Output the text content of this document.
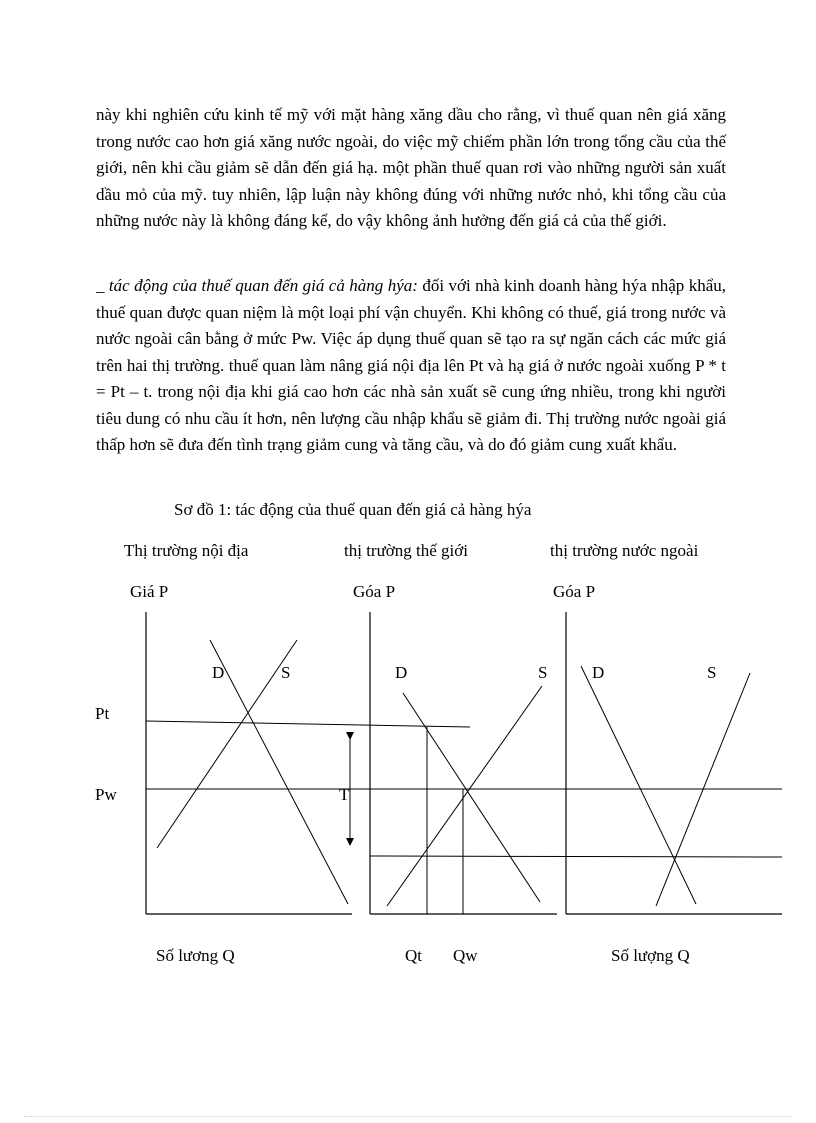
này khi nghiên cứu kinh tế mỹ với mặt hàng xăng dầu cho rằng, vì thuế quan nên giá xăng trong nước cao hơn giá xăng nước ngoài, do việc mỹ chiếm phần lớn trong tổng cầu của thế giới, nên khi cầu giảm sẽ dẫn đến giá hạ. một phần thuế quan rơi vào những người sản xuất dầu mỏ của mỹ. tuy nhiên, lập luận này không đúng với những nước nhỏ, khi tổng cầu của những nước này là không đáng kể, do vậy không ảnh hưởng đến giá cả của thế giới.

_ tác động của thuế quan đến giá cả hàng hýa: đối với nhà kinh doanh hàng hýa nhập khẩu, thuế quan được quan niệm là một loại phí vận chuyển. Khi không có thuế, giá trong nước và nước ngoài cân bằng ở mức Pw. Việc áp dụng thuế quan sẽ tạo ra sự ngăn cách các mức giá trên hai thị trường. thuế quan làm nâng giá nội địa lên Pt và hạ giá ở nước ngoài xuống P * t = Pt – t. trong nội địa khi giá cao hơn các nhà sản xuất sẽ cung ứng nhiều, trong khi người tiêu dung có nhu cầu ít hơn, nên lượng cầu nhập khẩu sẽ giảm đi. Thị trường nước ngoài giá thấp hơn sẽ đưa đến tình trạng giảm cung và tăng cầu, và do đó giảm cung xuất khẩu.

Sơ đồ 1: tác động của thuế quan đến giá cả hàng hýa
Thị trường nội địa	thị trường thế giới	thị trường nước ngoài
Giá P	Góa P	Góa P
Pt
Pw
D	S
T
D	S
Qt Qw
D	S
Số lương Q	Số lượng Q
